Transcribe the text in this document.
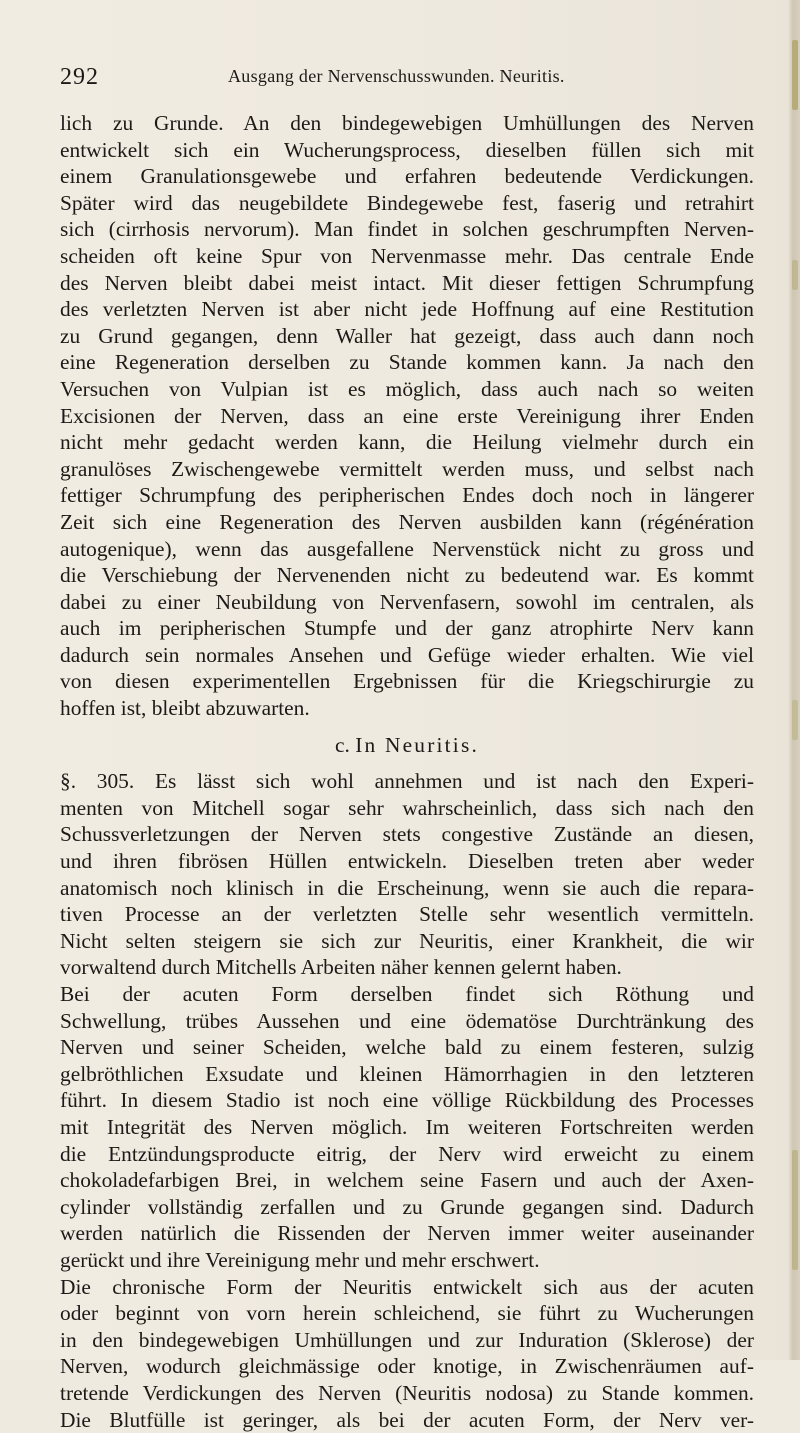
292	Ausgang der Nervenschusswunden. Neuritis.
lich zu Grunde. An den bindegewebigen Umhüllungen des Nerven
entwickelt sich ein Wucherungsprocess, dieselben füllen sich mit
einem Granulationsgewebe und erfahren bedeutende Verdickungen.
Später wird das neugebildete Bindegewebe fest, faserig und retrahirt
sich (cirrhosis nervorum). Man findet in solchen geschrumpften Nerven-
scheiden oft keine Spur von Nervenmasse mehr. Das centrale Ende
des Nerven bleibt dabei meist intact. Mit dieser fettigen Schrumpfung
des verletzten Nerven ist aber nicht jede Hoffnung auf eine Restitution
zu Grund gegangen, denn Waller hat gezeigt, dass auch dann noch
eine Regeneration derselben zu Stande kommen kann. Ja nach den
Versuchen von Vulpian ist es möglich, dass auch nach so weiten
Excisionen der Nerven, dass an eine erste Vereinigung ihrer Enden
nicht mehr gedacht werden kann, die Heilung vielmehr durch ein
granulöses Zwischengewebe vermittelt werden muss, und selbst nach
fettiger Schrumpfung des peripherischen Endes doch noch in längerer
Zeit sich eine Regeneration des Nerven ausbilden kann (régénération
autogenique), wenn das ausgefallene Nervenstück nicht zu gross und
die Verschiebung der Nervenenden nicht zu bedeutend war. Es kommt
dabei zu einer Neubildung von Nervenfasern, sowohl im centralen, als
auch im peripherischen Stumpfe und der ganz atrophirte Nerv kann
dadurch sein normales Ansehen und Gefüge wieder erhalten. Wie viel
von diesen experimentellen Ergebnissen für die Kriegschirurgie zu
hoffen ist, bleibt abzuwarten.
c. In Neuritis.
§. 305. Es lässt sich wohl annehmen und ist nach den Experi-
menten von Mitchell sogar sehr wahrscheinlich, dass sich nach den
Schussverletzungen der Nerven stets congestive Zustände an diesen,
und ihren fibrösen Hüllen entwickeln. Dieselben treten aber weder
anatomisch noch klinisch in die Erscheinung, wenn sie auch die repara-
tiven Processe an der verletzten Stelle sehr wesentlich vermitteln.
Nicht selten steigern sie sich zur Neuritis, einer Krankheit, die wir
vorwaltend durch Mitchells Arbeiten näher kennen gelernt haben.
Bei der acuten Form derselben findet sich Röthung und
Schwellung, trübes Aussehen und eine ödematöse Durchtränkung des
Nerven und seiner Scheiden, welche bald zu einem festeren, sulzig
gelbröthlichen Exsudate und kleinen Hämorrhagien in den letzteren
führt. In diesem Stadio ist noch eine völlige Rückbildung des Processes
mit Integrität des Nerven möglich. Im weiteren Fortschreiten werden
die Entzündungsproducte eitrig, der Nerv wird erweicht zu einem
chokoladefarbigen Brei, in welchem seine Fasern und auch der Axen-
cylinder vollständig zerfallen und zu Grunde gegangen sind. Dadurch
werden natürlich die Rissenden der Nerven immer weiter auseinander
gerückt und ihre Vereinigung mehr und mehr erschwert.
Die chronische Form der Neuritis entwickelt sich aus der acuten
oder beginnt von vorn herein schleichend, sie führt zu Wucherungen
in den bindegewebigen Umhüllungen und zur Induration (Sklerose) der
Nerven, wodurch gleichmässige oder knotige, in Zwischenräumen auf-
tretende Verdickungen des Nerven (Neuritis nodosa) zu Stande kommen.
Die Blutfülle ist geringer, als bei der acuten Form, der Nerv ver-
